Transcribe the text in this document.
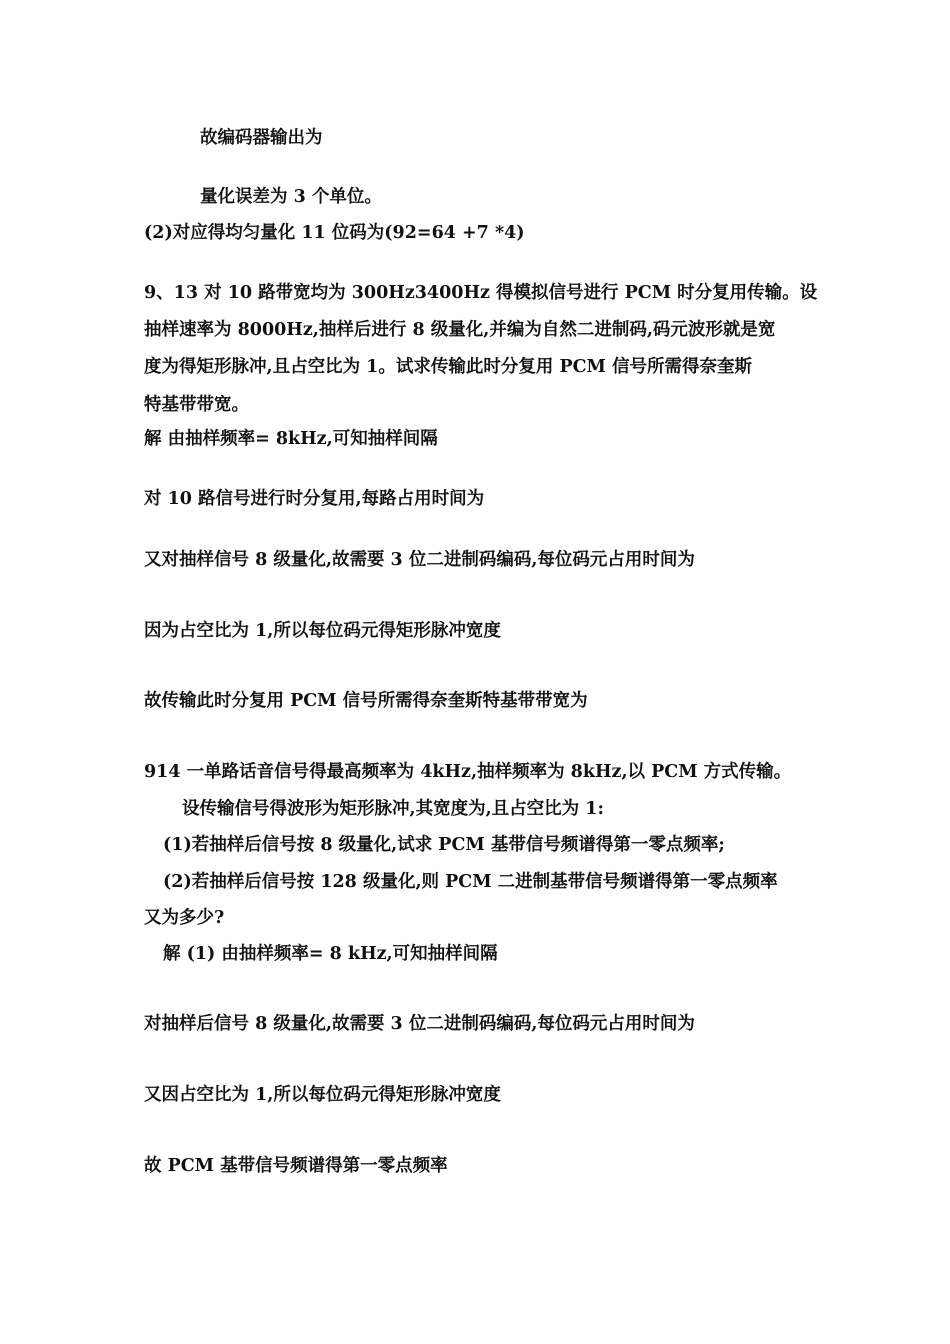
故编码器输出为
量化误差为 3 个单位。
(2)对应得均匀量化 11 位码为(92=64 +7 *4)
9、13 对 10 路带宽均为 300Hz3400Hz 得模拟信号进行 PCM 时分复用传输。设
抽样速率为 8000Hz,抽样后进行 8 级量化,并编为自然二进制码,码元波形就是宽
度为得矩形脉冲,且占空比为 1。试求传输此时分复用 PCM 信号所需得奈奎斯
特基带带宽。
解 由抽样频率= 8kHz,可知抽样间隔
对 10 路信号进行时分复用,每路占用时间为
又对抽样信号 8 级量化,故需要 3 位二进制码编码,每位码元占用时间为
因为占空比为 1,所以每位码元得矩形脉冲宽度
故传输此时分复用 PCM 信号所需得奈奎斯特基带带宽为
914 一单路话音信号得最高频率为 4kHz,抽样频率为 8kHz,以 PCM 方式传输。
设传输信号得波形为矩形脉冲,其宽度为,且占空比为 1:
(1)若抽样后信号按 8 级量化,试求 PCM 基带信号频谱得第一零点频率;
(2)若抽样后信号按 128 级量化,则 PCM 二进制基带信号频谱得第一零点频率
又为多少?
解 (1) 由抽样频率= 8 kHz,可知抽样间隔
对抽样后信号 8 级量化,故需要 3 位二进制码编码,每位码元占用时间为
又因占空比为 1,所以每位码元得矩形脉冲宽度
故 PCM 基带信号频谱得第一零点频率
